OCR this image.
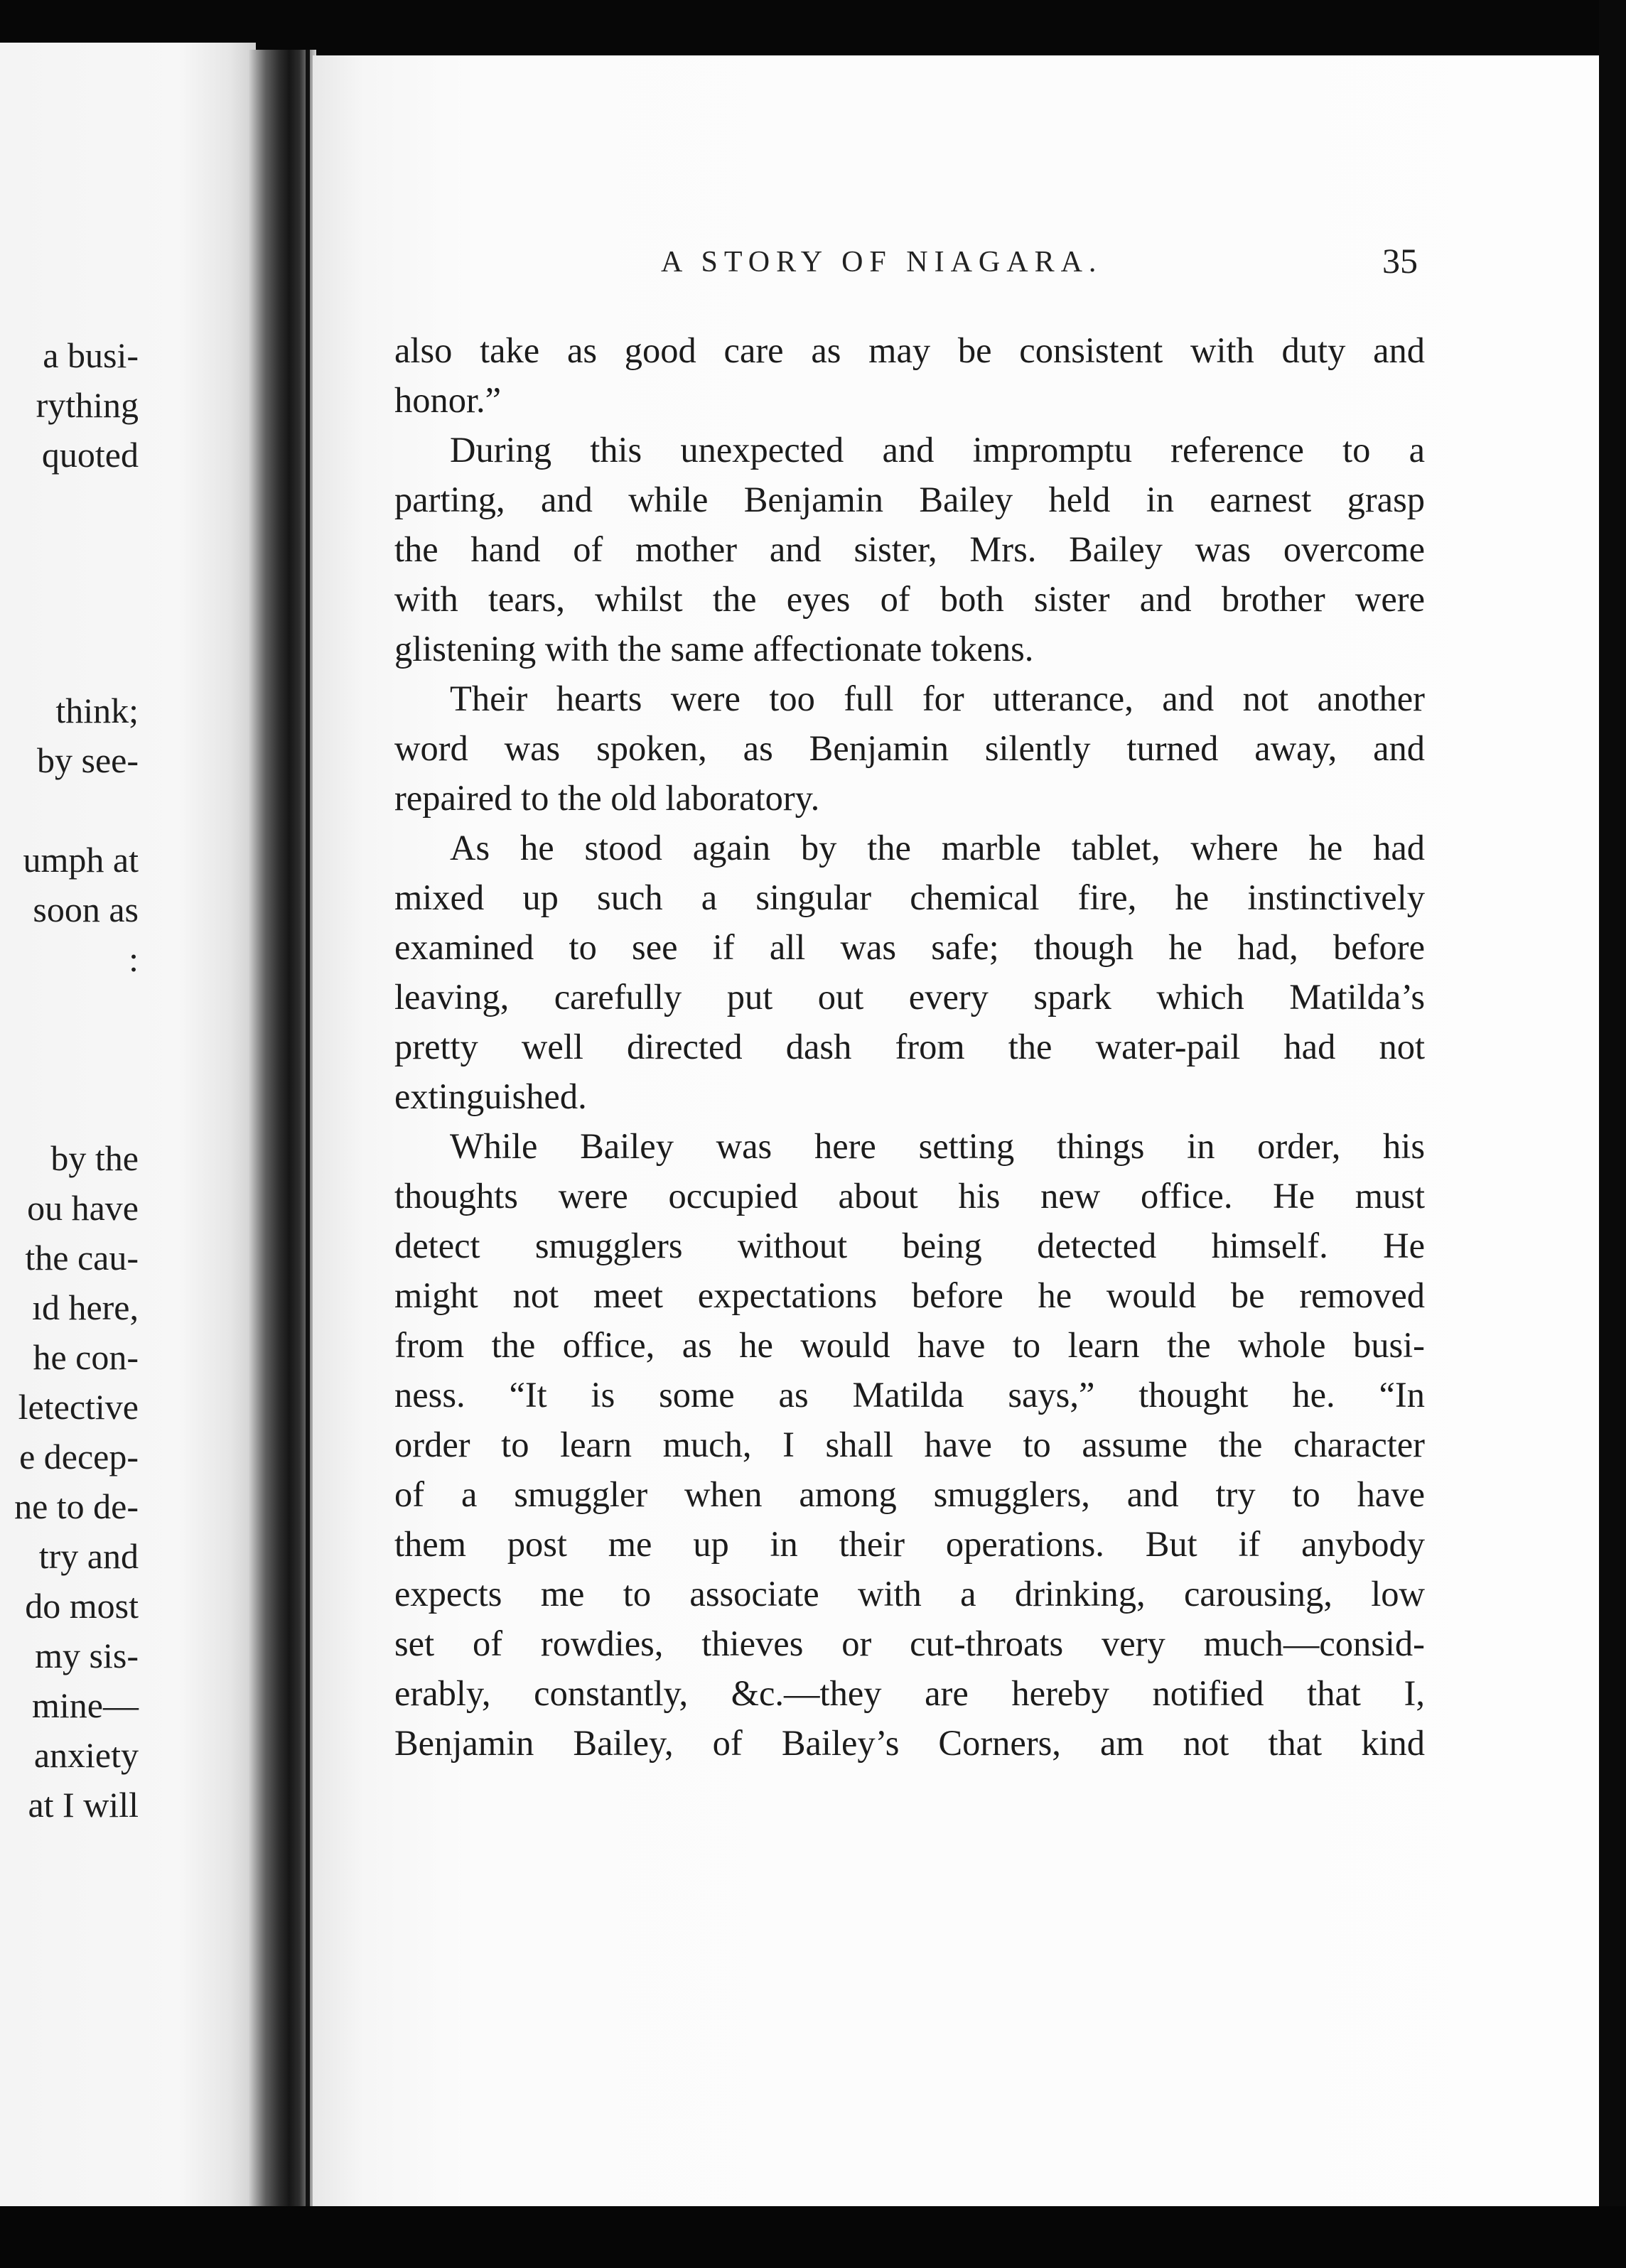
a busi-
rything
quoted
think;
by see-
umph at
soon as
:
by the
ou have
the cau-
ıd here,
he con-
letective
e decep-
ne to de-
try and
do most
my sis-
mine—
anxiety
at I will
A STORY OF NIAGARA.	35
also take as good care as may be consistent with duty and
honor.”
During this unexpected and impromptu reference to a
parting, and while Benjamin Bailey held in earnest grasp
the hand of mother and sister, Mrs. Bailey was overcome
with tears, whilst the eyes of both sister and brother were
glistening with the same affectionate tokens.
Their hearts were too full for utterance, and not another
word was spoken, as Benjamin silently turned away, and
repaired to the old laboratory.
As he stood again by the marble tablet, where he had
mixed up such a singular chemical fire, he instinctively
examined to see if all was safe; though he had, before
leaving, carefully put out every spark which Matilda’s
pretty well directed dash from the water-pail had not
extinguished.
While Bailey was here setting things in order, his
thoughts were occupied about his new office. He must
detect smugglers without being detected himself. He
might not meet expectations before he would be removed
from the office, as he would have to learn the whole busi-
ness. “It is some as Matilda says,” thought he. “In
order to learn much, I shall have to assume the character
of a smuggler when among smugglers, and try to have
them post me up in their operations. But if anybody
expects me to associate with a drinking, carousing, low
set of rowdies, thieves or cut-throats very much—consid-
erably, constantly, &c.—they are hereby notified that I,
Benjamin Bailey, of Bailey’s Corners, am not that kind
